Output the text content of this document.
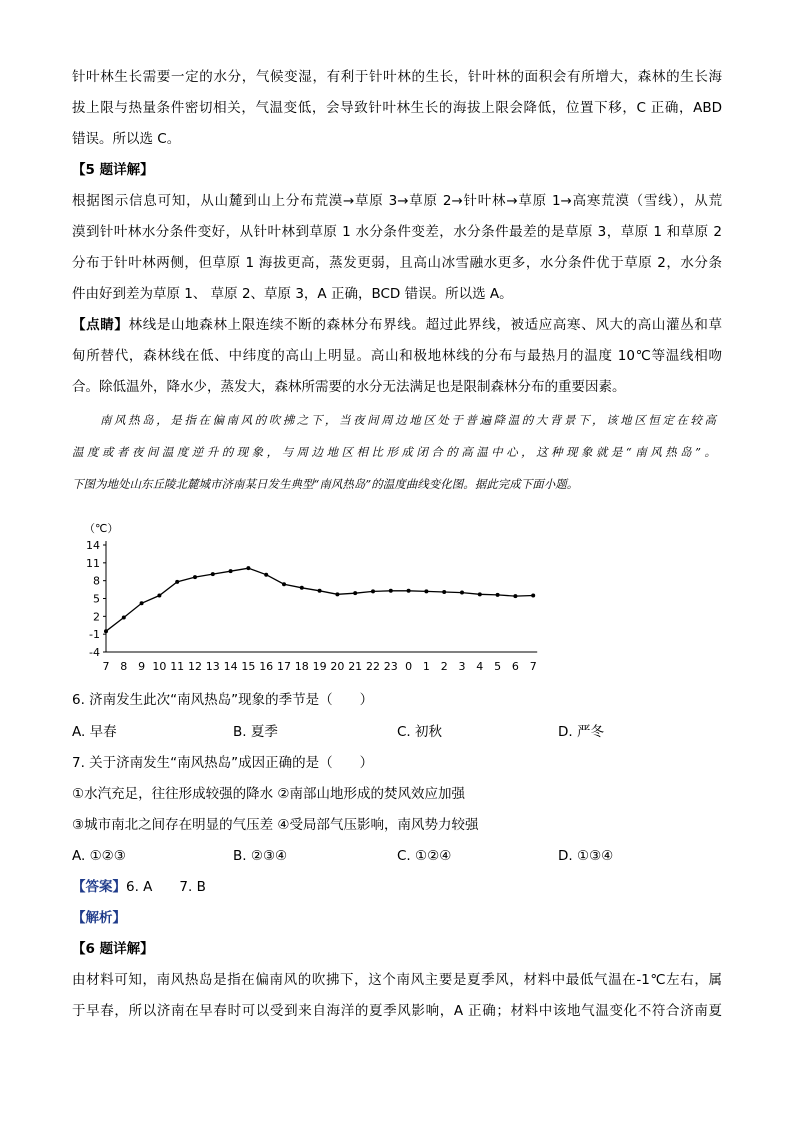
针叶林生长需要一定的水分，气候变湿，有利于针叶林的生长，针叶林的面积会有所增大，森林的生长海
拔上限与热量条件密切相关，气温变低，会导致针叶林生长的海拔上限会降低，位置下移，C 正确，ABD
错误。所以选 C。
【5 题详解】
根据图示信息可知，从山麓到山上分布荒漠→草原 3→草原 2→针叶林→草原 1→高寒荒漠（雪线），从荒
漠到针叶林水分条件变好，从针叶林到草原 1 水分条件变差，水分条件最差的是草原 3，草原 1 和草原 2
分布于针叶林两侧，但草原 1 海拔更高，蒸发更弱，且高山冰雪融水更多，水分条件优于草原 2，水分条
件由好到差为草原 1、 草原 2、草原 3，A 正确，BCD 错误。所以选 A。
【点睛】林线是山地森林上限连续不断的森林分布界线。超过此界线，被适应高寒、风大的高山灌丛和草
甸所替代，森林线在低、中纬度的高山上明显。高山和极地林线的分布与最热月的温度 10℃等温线相吻
合。除低温外，降水少，蒸发大，森林所需要的水分无法满足也是限制森林分布的重要因素。
南风热岛，是指在偏南风的吹拂之下，当夜间周边地区处于普遍降温的大背景下，该地区恒定在较高
温度或者夜间温度逆升的现象，与周边地区相比形成闭合的高温中心，这种现象就是“南风热岛”。
下图为地处山东丘陵北麓城市济南某日发生典型“南风热岛”的温度曲线变化图。据此完成下面小题。
（℃）
14
11
8
5
2
-1
-4
7 8 9 10 11 12 13 14 15 16 17 18 19 20 21 22 23 0 1 2 3 4 5 6 7
6. 济南发生此次“南风热岛”现象的季节是（　　）
A. 早春	B. 夏季	C. 初秋	D. 严冬
7. 关于济南发生“南风热岛”成因正确的是（　　）
①水汽充足，往往形成较强的降水 ②南部山地形成的焚风效应加强
③城市南北之间存在明显的气压差 ④受局部气压影响，南风势力较强
A. ①②③	B. ②③④	C. ①②④	D. ①③④
【答案】6. A　　7. B
【解析】
【6 题详解】
由材料可知，南风热岛是指在偏南风的吹拂下，这个南风主要是夏季风，材料中最低气温在-1℃左右，属
于早春，所以济南在早春时可以受到来自海洋的夏季风影响，A 正确；材料中该地气温变化不符合济南夏
